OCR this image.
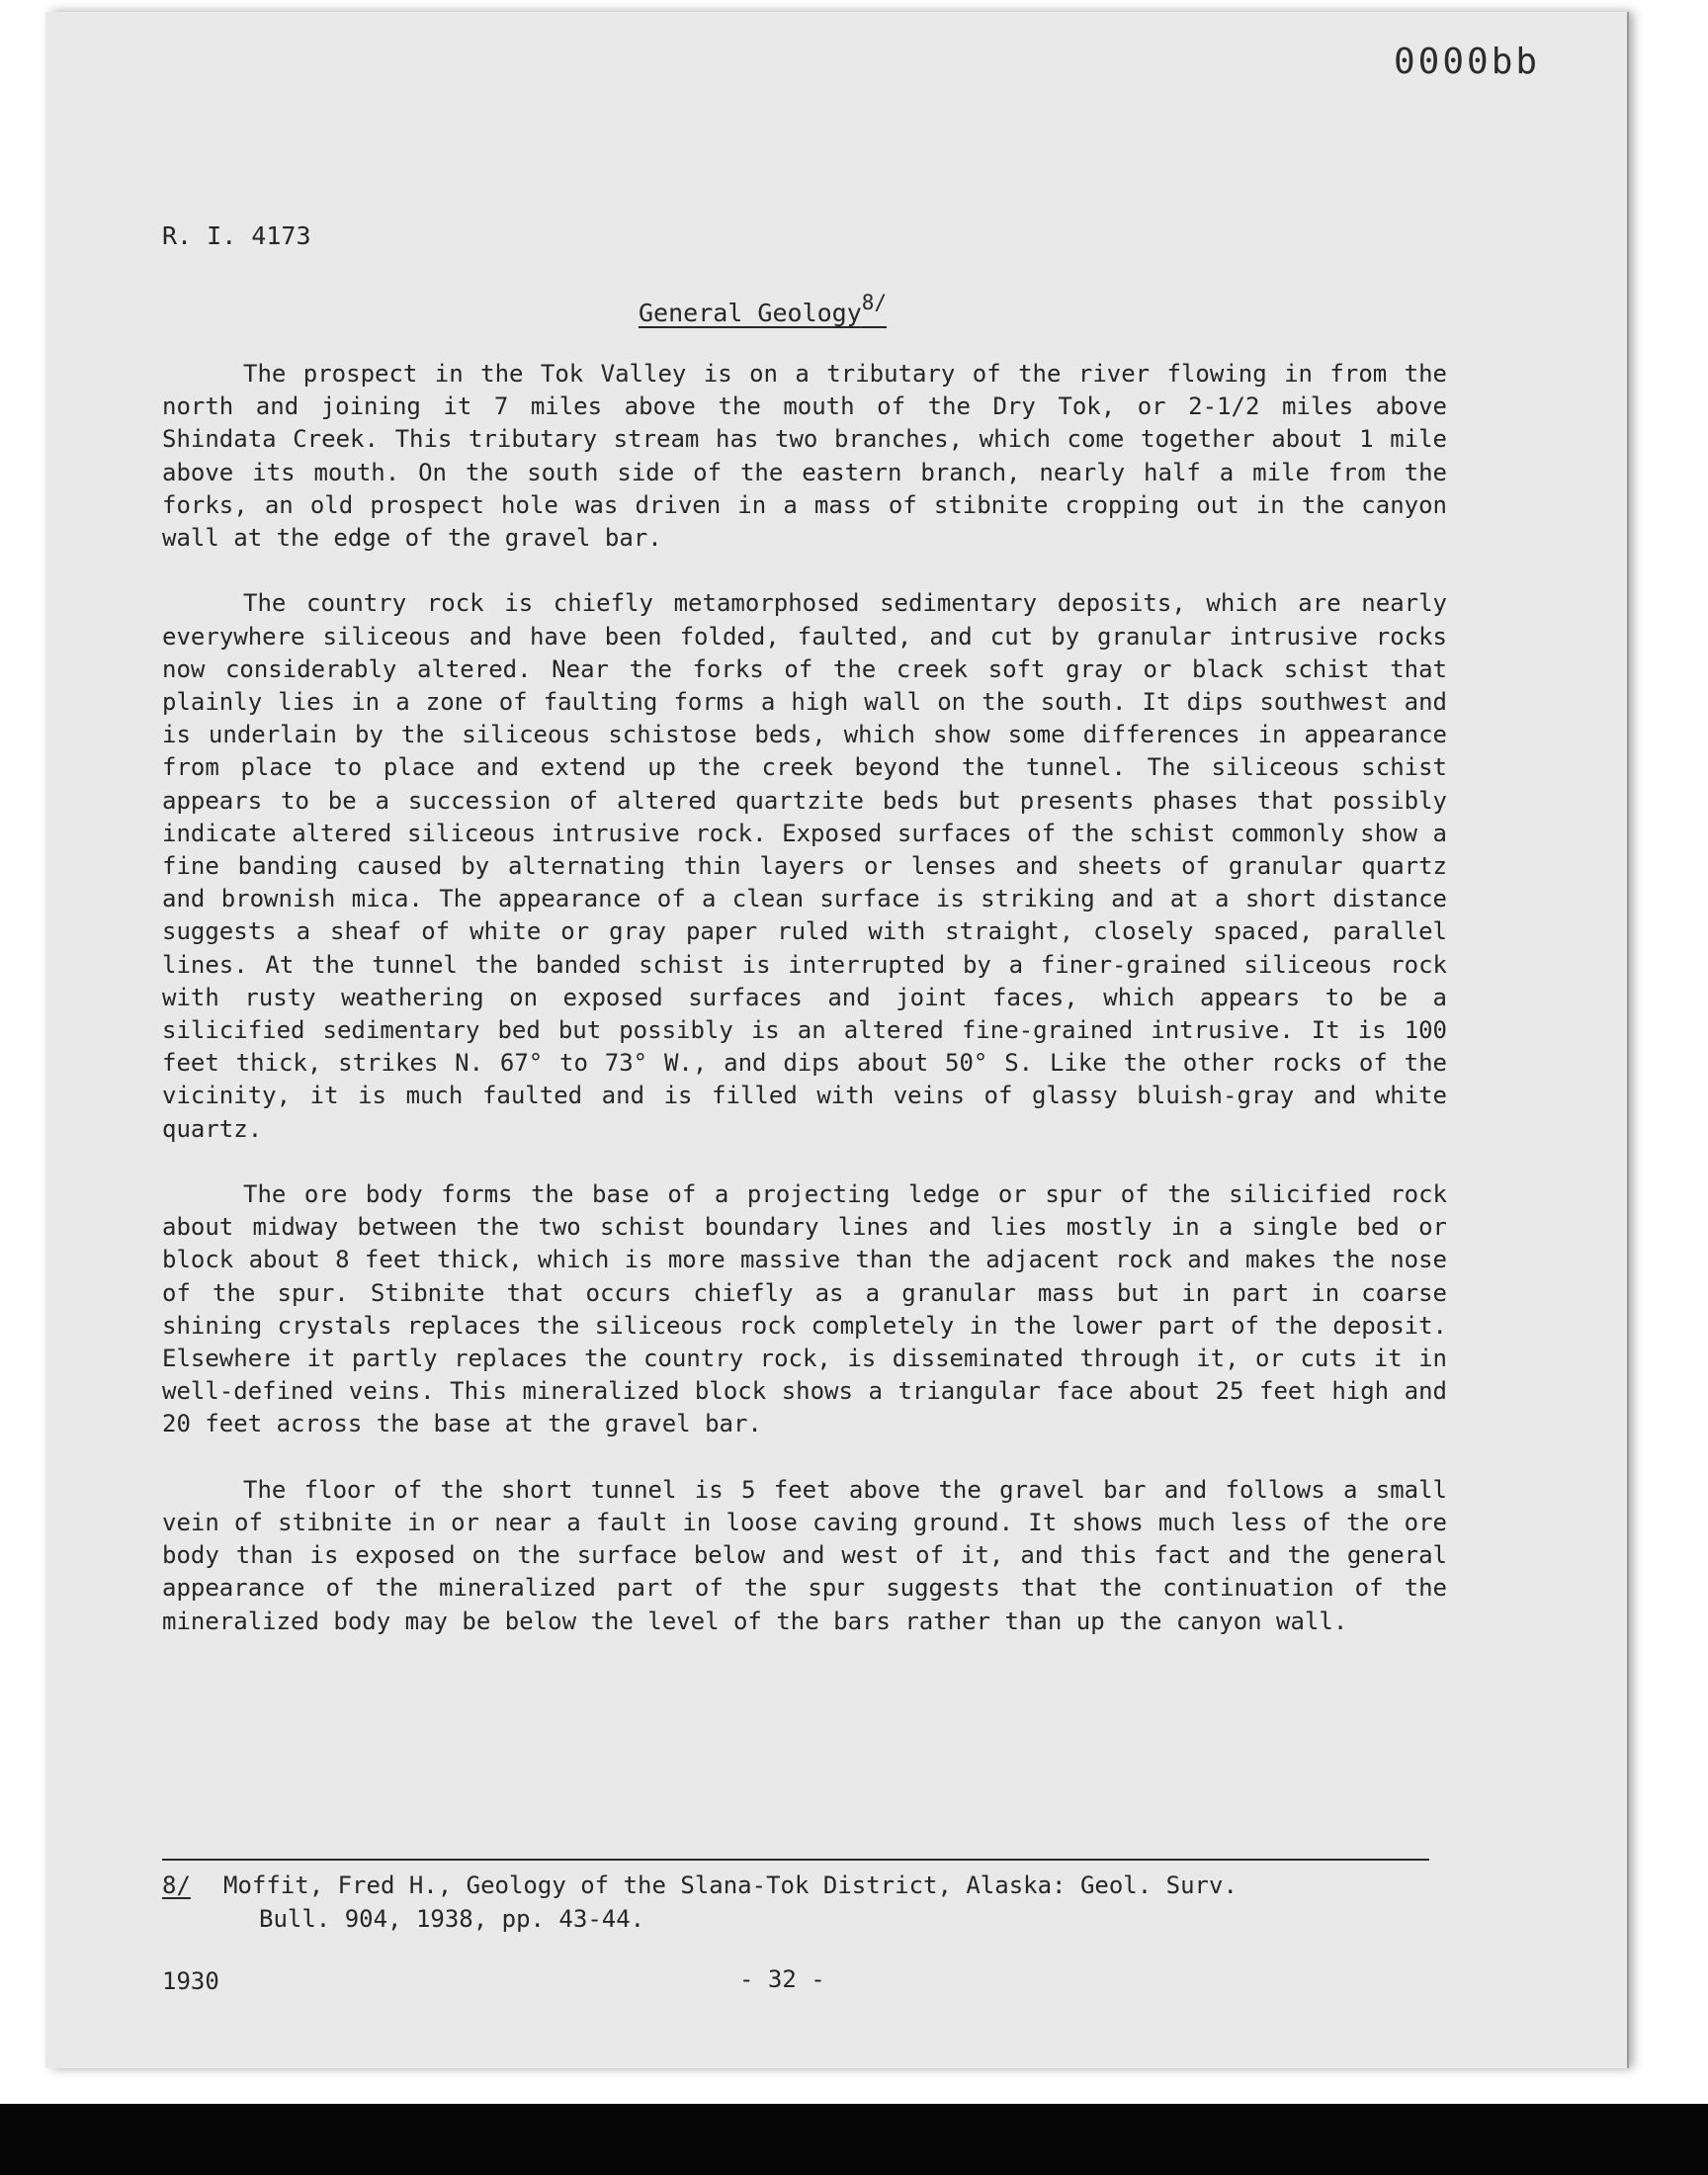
0000bb
R. I. 4173
General Geology$^{8/}$

The prospect in the Tok Valley is on a tributary of the river flowing in from the north and joining it 7 miles above the mouth of the Dry Tok, or 2-1/2 miles above Shindata Creek. This tributary stream has two branches, which come together about 1 mile above its mouth. On the south side of the eastern branch, nearly half a mile from the forks, an old prospect hole was driven in a mass of stibnite cropping out in the canyon wall at the edge of the gravel bar.

The country rock is chiefly metamorphosed sedimentary deposits, which are nearly everywhere siliceous and have been folded, faulted, and cut by granular intrusive rocks now considerably altered. Near the forks of the creek soft gray or black schist that plainly lies in a zone of faulting forms a high wall on the south. It dips southwest and is underlain by the siliceous schistose beds, which show some differences in appearance from place to place and extend up the creek beyond the tunnel. The siliceous schist appears to be a succession of altered quartzite beds but presents phases that possibly indicate altered siliceous intrusive rock. Exposed surfaces of the schist commonly show a fine banding caused by alternating thin layers or lenses and sheets of granular quartz and brownish mica. The appearance of a clean surface is striking and at a short distance suggests a sheaf of white or gray paper ruled with straight, closely spaced, parallel lines. At the tunnel the banded schist is interrupted by a finer-grained siliceous rock with rusty weathering on exposed surfaces and joint faces, which appears to be a silicified sedimentary bed but possibly is an altered fine-grained intrusive. It is 100 feet thick, strikes N. 67° to 73° W., and dips about 50° S. Like the other rocks of the vicinity, it is much faulted and is filled with veins of glassy bluish-gray and white quartz.

The ore body forms the base of a projecting ledge or spur of the silicified rock about midway between the two schist boundary lines and lies mostly in a single bed or block about 8 feet thick, which is more massive than the adjacent rock and makes the nose of the spur. Stibnite that occurs chiefly as a granular mass but in part in coarse shining crystals replaces the siliceous rock completely in the lower part of the deposit. Elsewhere it partly replaces the country rock, is disseminated through it, or cuts it in well-defined veins. This mineralized block shows a triangular face about 25 feet high and 20 feet across the base at the gravel bar.

The floor of the short tunnel is 5 feet above the gravel bar and follows a small vein of stibnite in or near a fault in loose caving ground. It shows much less of the ore body than is exposed on the surface below and west of it, and this fact and the general appearance of the mineralized part of the spur suggests that the continuation of the mineralized body may be below the level of the bars rather than up the canyon wall.

8/ Moffit, Fred H., Geology of the Slana-Tok District, Alaska: Geol. Surv.
Bull. 904, 1938, pp. 43-44.
1930	- 32 -
